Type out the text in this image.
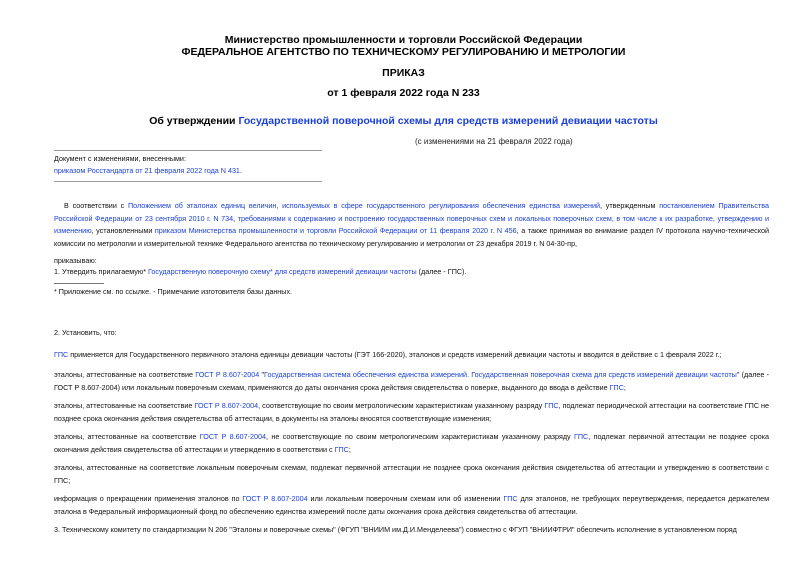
Министерство промышленности и торговли Российской Федерации
ФЕДЕРАЛЬНОЕ АГЕНТСТВО ПО ТЕХНИЧЕСКОМУ РЕГУЛИРОВАНИЮ И МЕТРОЛОГИИ
ПРИКАЗ
от 1 февраля 2022 года N 233
Об утверждении Государственной поверочной схемы для средств измерений девиации частоты
(с изменениями на 21 февраля 2022 года)
Документ с изменениями, внесенными:
приказом Росстандарта от 21 февраля 2022 года N 431.
В соответствии с Положением об эталонах единиц величин, используемых в сфере государственного регулирования обеспечения единства измерений, утвержденным постановлением Правительства Российской Федерации от 23 сентября 2010 г. N 734, требованиями к содержанию и построению государственных поверочных схем и локальных поверочных схем, в том числе к их разработке, утверждению и изменению, установленными приказом Министерства промышленности и торговли Российской Федерации от 11 февраля 2020 г. N 456, а также принимая во внимание раздел IV протокола научно-технической комиссии по метрологии и измерительной технике Федерального агентства по техническому регулированию и метрологии от 23 декабря 2019 г. N 04-30-пр,
приказываю:
1. Утвердить прилагаемую* Государственную поверочную схему* для средств измерений девиации частоты (далее - ГПС).
* Приложение см. по ссылке. - Примечание изготовителя базы данных.
2. Установить, что:
ГПС применяется для Государственного первичного эталона единицы девиации частоты (ГЭТ 166-2020), эталонов и средств измерений девиации частоты и вводится в действие с 1 февраля 2022 г.;
эталоны, аттестованные на соответствие ГОСТ Р 8.607-2004 "Государственная система обеспечения единства измерений. Государственная поверочная схема для средств измерений девиации частоты" (далее - ГОСТ Р 8.607-2004) или локальным поверочным схемам, применяются до даты окончания срока действия свидетельства о поверке, выданного до ввода в действие ГПС;
эталоны, аттестованные на соответствие ГОСТ Р 8.607-2004, соответствующие по своим метрологическим характеристикам указанному разряду ГПС, подлежат периодической аттестации на соответствие ГПС не позднее срока окончания действия свидетельства об аттестации, в документы на эталоны вносятся соответствующие изменения;
эталоны, аттестованные на соответствие ГОСТ Р 8.607-2004, не соответствующие по своим метрологическим характеристикам указанному разряду ГПС, подлежат первичной аттестации не позднее срока окончания действия свидетельства об аттестации и утверждению в соответствии с ГПС;
эталоны, аттестованные на соответствие локальным поверочным схемам, подлежат первичной аттестации не позднее срока окончания действия свидетельства об аттестации и утверждению в соответствии с ГПС;
информация о прекращении применения эталонов по ГОСТ Р 8.607-2004 или локальным поверочным схемам или об изменении ГПС для эталонов, не требующих переутверждения, передается держателем эталона в Федеральный информационный фонд по обеспечению единства измерений после даты окончания срока действия свидетельства об аттестации.
3. Техническому комитету по стандартизации N 206 "Эталоны и поверочные схемы" (ФГУП "ВНИИМ им.Д.И.Менделеева") совместно с ФГУП "ВНИИФТРИ" обеспечить исполнение в установленном поряд
